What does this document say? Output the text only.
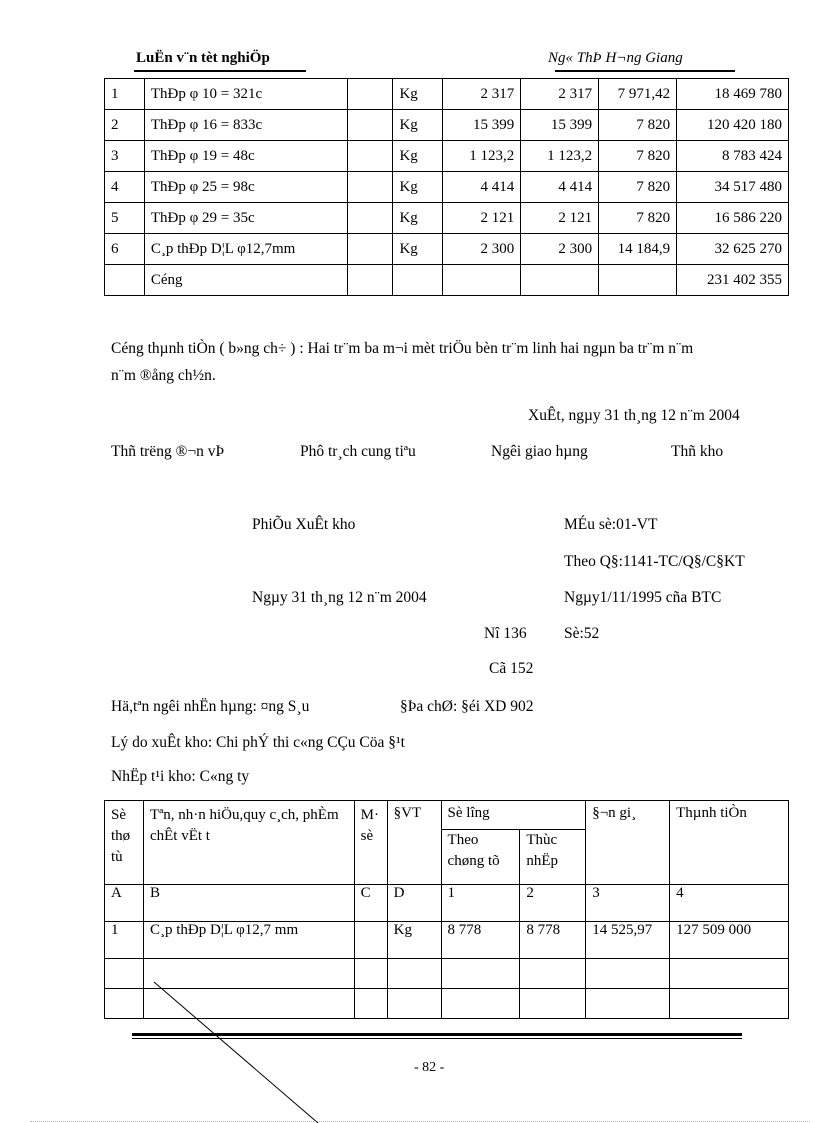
LuËn v¨n tèt nghiÖp	Ng« ThÞ H¬ng Giang
1	ThÐp φ 10 = 321c		Kg	2 317	2 317	7 971,42	18 469 780
2	ThÐp φ 16 = 833c		Kg	15 399	15 399	7 820	120 420 180
3	ThÐp φ 19 = 48c		Kg	1 123,2	1 123,2	7 820	8 783 424
4	ThÐp φ 25 = 98c		Kg	4 414	4 414	7 820	34 517 480
5	ThÐp φ 29 = 35c		Kg	2 121	2 121	7 820	16 586 220
6	C¸p thÐp D¦L φ12,7mm		Kg	2 300	2 300	14 184,9	32 625 270
	Céng						231 402 355
Céng thµnh tiÒn ( b»ng ch÷ ) : Hai tr¨m ba m¬i mèt triÖu bèn tr¨m linh hai ngµn ba tr¨m n¨m
n¨m ®ång ch½n.
XuÊt, ngµy 31 th¸ng 12 n¨m 2004
Thñ trëng ®¬n vÞ	Phô tr¸ch cung tiªu	Ngêi giao hµng	Thñ kho
PhiÕu XuÊt kho	MÉu sè:01-VT
Theo Q§:1141-TC/Q§/C§KT
Ngµy 31 th¸ng 12 n¨m 2004	Ngµy1/11/1995 cña BTC
Nî 136 Sè:52
Cã 152
Hä,tªn ngêi nhËn hµng: ¤ng S¸u	§Þa chØ: §éi XD 902
Lý do xuÊt kho: Chi phÝ thi c«ng CÇu Cöa §¹t
NhËp t¹i kho: C«ng ty
Sè thø tù	Tªn, nh·n hiÖu,quy c¸ch, phÈm chÊt vËt t	M· sè	§VT	Sè lîng		§¬n gi¸	Thµnh tiÒn
				Theo chøng tõ	Thùc nhËp		
A	B	C	D	1	2	3	4
1	C¸p thÐp D¦L φ12,7 mm		Kg	8 778	8 778	14 525,97	127 509 000

- 82 -
